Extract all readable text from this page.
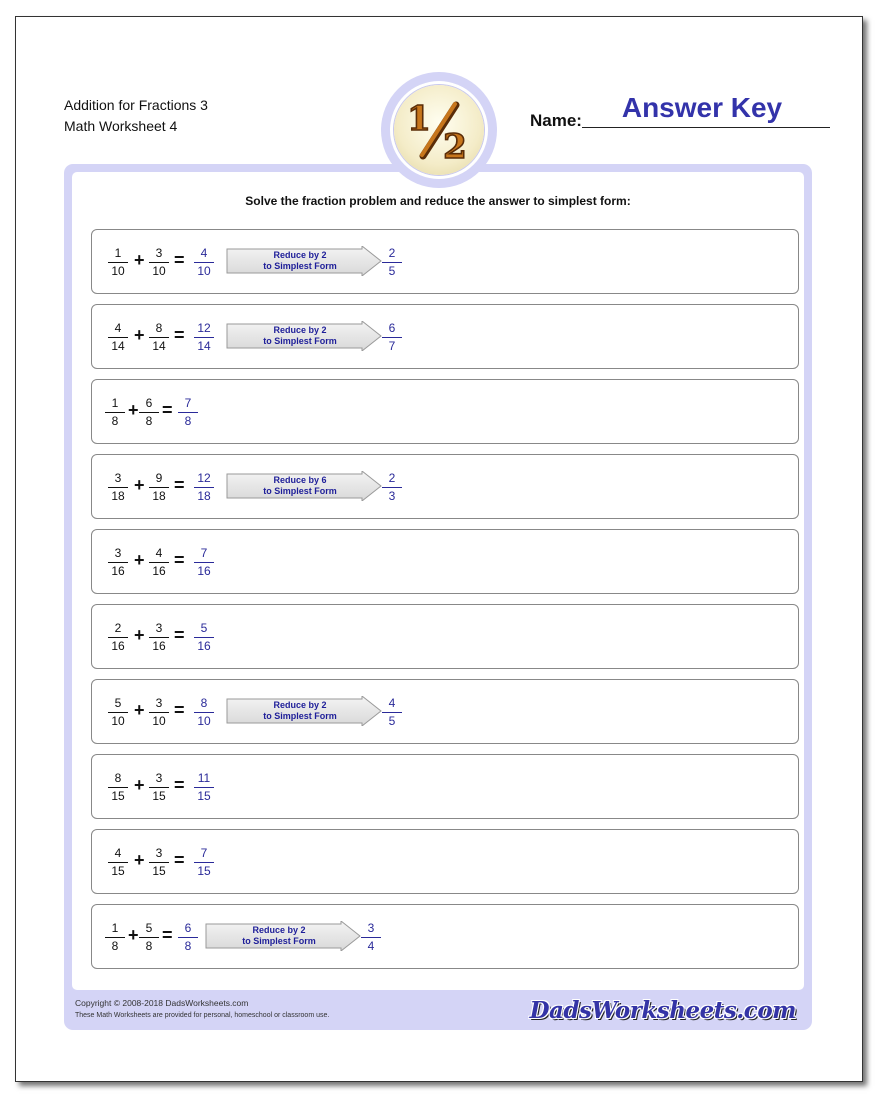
Addition for Fractions 3
Math Worksheet 4	Name:	Answer Key
Solve the fraction problem and reduce the answer to simplest form:
1
10
+ 3
10
= 4
10
Reduce by 2
to Simplest Form
2
5
4
14
+ 8
14
= 12
14
Reduce by 2
to Simplest Form
6
7
1
8
+ 6
8
= 7
8
3
18
+ 9
18
= 12
18
Reduce by 6
to Simplest Form
2
3
3
16
+ 4
16
= 7
16
2
16
+ 3
16
= 5
16
5
10
+ 3
10
= 8
10
Reduce by 2
to Simplest Form
4
5
8
15
+ 3
15
= 11
15
4
15
+ 3
15
= 7
15
1
8
+ 5
8
= 6
8
Reduce by 2
to Simplest Form
3
4
Copyright © 2008-2018 DadsWorksheets.com
These Math Worksheets are provided for personal, homeschool or classroom use.	DadsWorksheets.com
1
2
